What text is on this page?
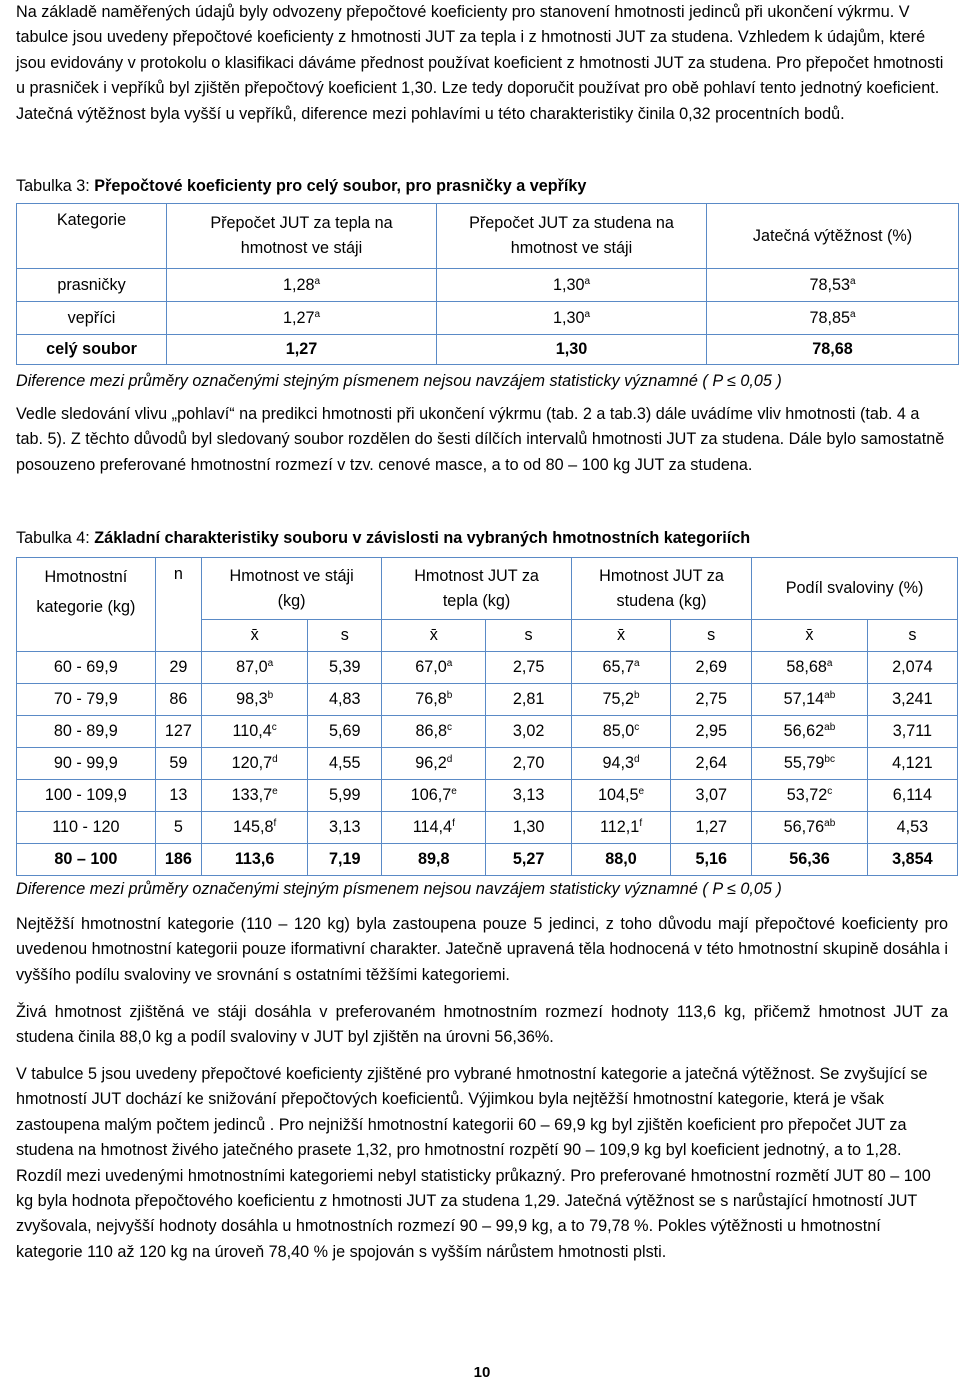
Na základě naměřených údajů byly odvozeny přepočtové koeficienty pro stanovení hmotnosti jedinců při ukončení výkrmu. V tabulce jsou uvedeny přepočtové koeficienty z hmotnosti JUT za tepla i z hmotnosti JUT za studena. Vzhledem k údajům, které jsou evidovány v protokolu o klasifikaci dáváme přednost používat koeficient z hmotnosti JUT za studena. Pro přepočet hmotnosti u prasniček i vepříků byl zjištěn přepočtový koeficient 1,30. Lze tedy doporučit používat pro obě pohlaví tento jednotný koeficient. Jatečná výtěžnost byla vyšší u vepříků, diference mezi pohlavími u této charakteristiky činila 0,32 procentních bodů.

Tabulka 3: Přepočtové koeficienty pro celý soubor, pro prasničky a vepříky
Kategorie	Přepočet JUT za tepla na hmotnost ve stáji	Přepočet JUT za studena na hmotnost ve stáji	Jatečná výtěžnost (%)
prasničky	1,28$^a$	1,30$^a$	78,53$^a$
vepříci	1,27$^a$	1,30$^a$	78,85$^a$
celý soubor	1,27	1,30	78,68
Diference mezi průměry označenými stejným písmenem nejsou navzájem statisticky významné ( P ≤ 0,05 )

Vedle sledování vlivu „pohlaví“ na predikci hmotnosti při ukončení výkrmu (tab. 2 a tab.3) dále uvádíme vliv hmotnosti (tab. 4 a tab. 5). Z těchto důvodů byl sledovaný soubor rozdělen do šesti dílčích intervalů hmotnosti JUT za studena. Dále bylo samostatně posouzeno preferované hmotnostní rozmezí v tzv. cenové masce, a to od 80 – 100 kg JUT za studena.

Tabulka 4: Základní charakteristiky souboru v závislosti na vybraných hmotnostních kategoriích
Hmotnostní kategorie (kg)	n	Hmotnost ve stáji (kg)		Hmotnost JUT za tepla (kg)		Hmotnost JUT za studena (kg)		Podíl svaloviny (%)	
		x̄	s	x̄	s	x̄	s	x̄	s
60 - 69,9	29	87,0$^a$	5,39	67,0$^a$	2,75	65,7$^a$	2,69	58,68$^a$	2,074
70 - 79,9	86	98,3$^b$	4,83	76,8$^b$	2,81	75,2$^b$	2,75	57,14$^{ab}$	3,241
80 - 89,9	127	110,4$^c$	5,69	86,8$^c$	3,02	85,0$^c$	2,95	56,62$^{ab}$	3,711
90 - 99,9	59	120,7$^d$	4,55	96,2$^d$	2,70	94,3$^d$	2,64	55,79$^{bc}$	4,121
100 - 109,9	13	133,7e	5,99	106,7e	3,13	104,5e	3,07	53,72$^c$	6,114
110 - 120	5	145,8$^f$	3,13	114,4$^f$	1,30	112,1$^f$	1,27	56,76$^{ab}$	4,53
80 – 100	186	113,6	7,19	89,8	5,27	88,0	5,16	56,36	3,854
Diference mezi průměry označenými stejným písmenem nejsou navzájem statisticky významné ( P ≤ 0,05 )

Nejtěžší hmotnostní kategorie (110 – 120 kg) byla zastoupena pouze 5 jedinci, z toho důvodu mají přepočtové koeficienty pro uvedenou hmotnostní kategorii pouze iformativní charakter. Jatečně upravená těla hodnocená v této hmotnostní skupině dosáhla i vyššího podílu svaloviny ve srovnání s ostatními těžšími kategoriemi.

Živá hmotnost zjištěná ve stáji dosáhla v preferovaném hmotnostním rozmezí hodnoty 113,6 kg, přičemž hmotnost JUT za studena činila 88,0 kg a podíl svaloviny v JUT byl zjištěn na úrovni 56,36%.

V tabulce 5 jsou uvedeny přepočtové koeficienty zjištěné pro vybrané hmotnostní kategorie a jatečná výtěžnost. Se zvyšující se hmotností JUT dochází ke snižování přepočtových koeficientů. Výjimkou byla nejtěžší hmotnostní kategorie, která je však zastoupena malým počtem jedinců . Pro nejnižší hmotnostní kategorii 60 – 69,9 kg byl zjištěn koeficient pro přepočet JUT za studena na hmotnost živého jatečného prasete 1,32, pro hmotnostní rozpětí 90 – 109,9 kg byl koeficient jednotný, a to 1,28. Rozdíl mezi uvedenými hmotnostními kategoriemi nebyl statisticky průkazný. Pro preferované hmotnostní rozmětí JUT 80 – 100 kg byla hodnota přepočtového koeficientu z hmotnosti JUT za studena 1,29. Jatečná výtěžnost se s narůstající hmotností JUT zvyšovala, nejvyšší hodnoty dosáhla u hmotnostních rozmezí 90 – 99,9 kg, a to 79,78 %. Pokles výtěžnosti u hmotnostní kategorie 110 až 120 kg na úroveň 78,40 % je spojován s vyšším nárůstem hmotnosti plsti.

10
